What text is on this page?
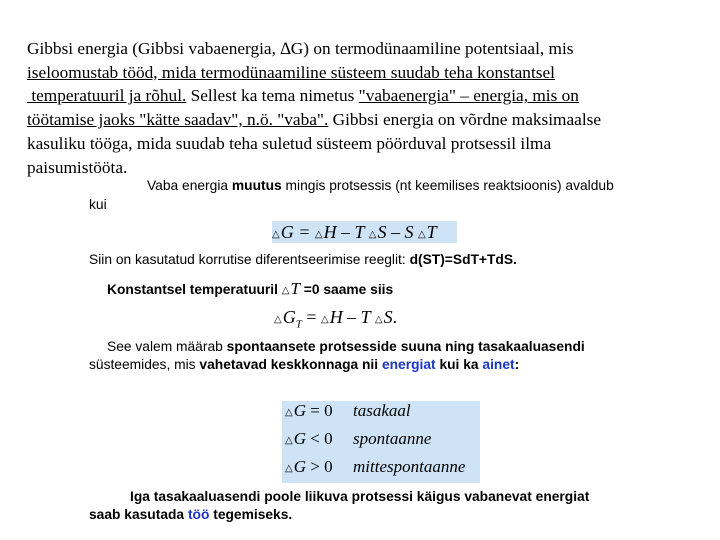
Gibbsi energia (Gibbsi vabaenergia, ∆G) on termodünaamiline potentsiaal, mis
iseloomustab tööd, mida termodünaamiline süsteem suudab teha konstantsel
temperatuuril ja rõhul. Sellest ka tema nimetus "vabaenergia" – energia, mis on
töötamise jaoks "kätte saadav", n.ö. "vaba". Gibbsi energia on võrdne maksimaalse
kasuliku tööga, mida suudab teha suletud süsteem pöörduval protsessil ilma
paisumistööta.
Vaba energia muutus mingis protsessis (nt keemilises reaktsioonis) avaldub
kui
△G = △H – T △S – S △T
Siin on kasutatud korrutise diferentseerimise reeglit: d(ST)=SdT+TdS.
Konstantsel temperatuuril △T =0 saame siis
$\triangle G_T$ = △H – T △S.
See valem määrab spontaansete protsesside suuna ning tasakaaluasendi
süsteemides, mis vahetavad keskkonnaga nii energiat kui ka ainet:
△G = 0 tasakaal
△G < 0 spontaanne
△G > 0 mittespontaanne
Iga tasakaaluasendi poole liikuva protsessi käigus vabanevat energiat
saab kasutada töö tegemiseks.
